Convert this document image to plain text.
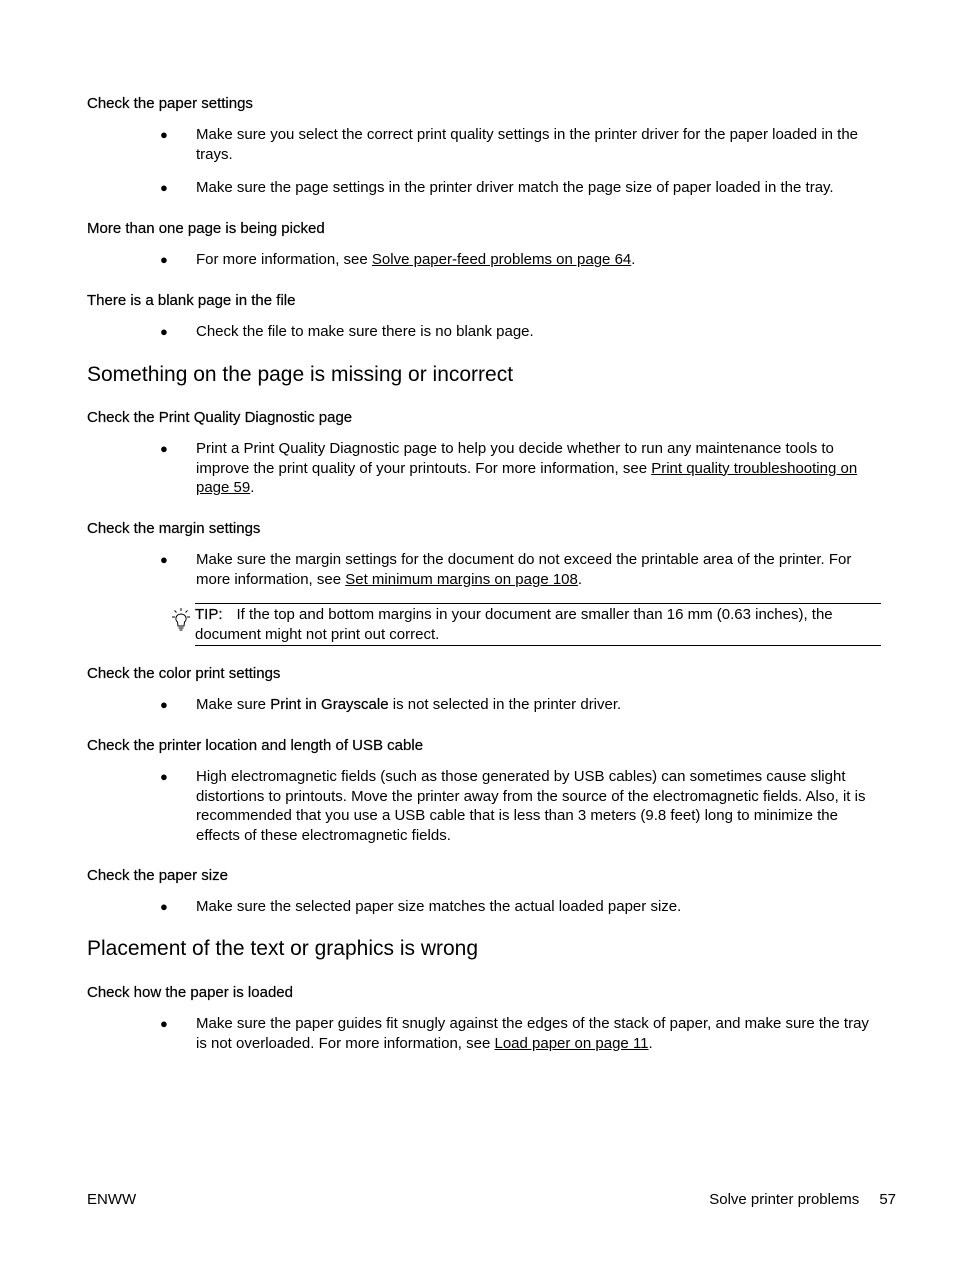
Check the paper settings
● Make sure you select the correct print quality settings in the printer driver for the paper loaded in the trays.
● Make sure the page settings in the printer driver match the page size of paper loaded in the tray.
More than one page is being picked
● For more information, see Solve paper-feed problems on page 64.
There is a blank page in the file
● Check the file to make sure there is no blank page.
Something on the page is missing or incorrect
Check the Print Quality Diagnostic page
● Print a Print Quality Diagnostic page to help you decide whether to run any maintenance tools to improve the print quality of your printouts. For more information, see Print quality troubleshooting on page 59.
Check the margin settings
● Make sure the margin settings for the document do not exceed the printable area of the printer. For more information, see Set minimum margins on page 108.
TIP: If the top and bottom margins in your document are smaller than 16 mm (0.63 inches), the document might not print out correct.
Check the color print settings
● Make sure Print in Grayscale is not selected in the printer driver.
Check the printer location and length of USB cable
● High electromagnetic fields (such as those generated by USB cables) can sometimes cause slight distortions to printouts. Move the printer away from the source of the electromagnetic fields. Also, it is recommended that you use a USB cable that is less than 3 meters (9.8 feet) long to minimize the effects of these electromagnetic fields.
Check the paper size
● Make sure the selected paper size matches the actual loaded paper size.
Placement of the text or graphics is wrong
Check how the paper is loaded
● Make sure the paper guides fit snugly against the edges of the stack of paper, and make sure the tray is not overloaded. For more information, see Load paper on page 11.
ENWW	Solve printer problems 57
